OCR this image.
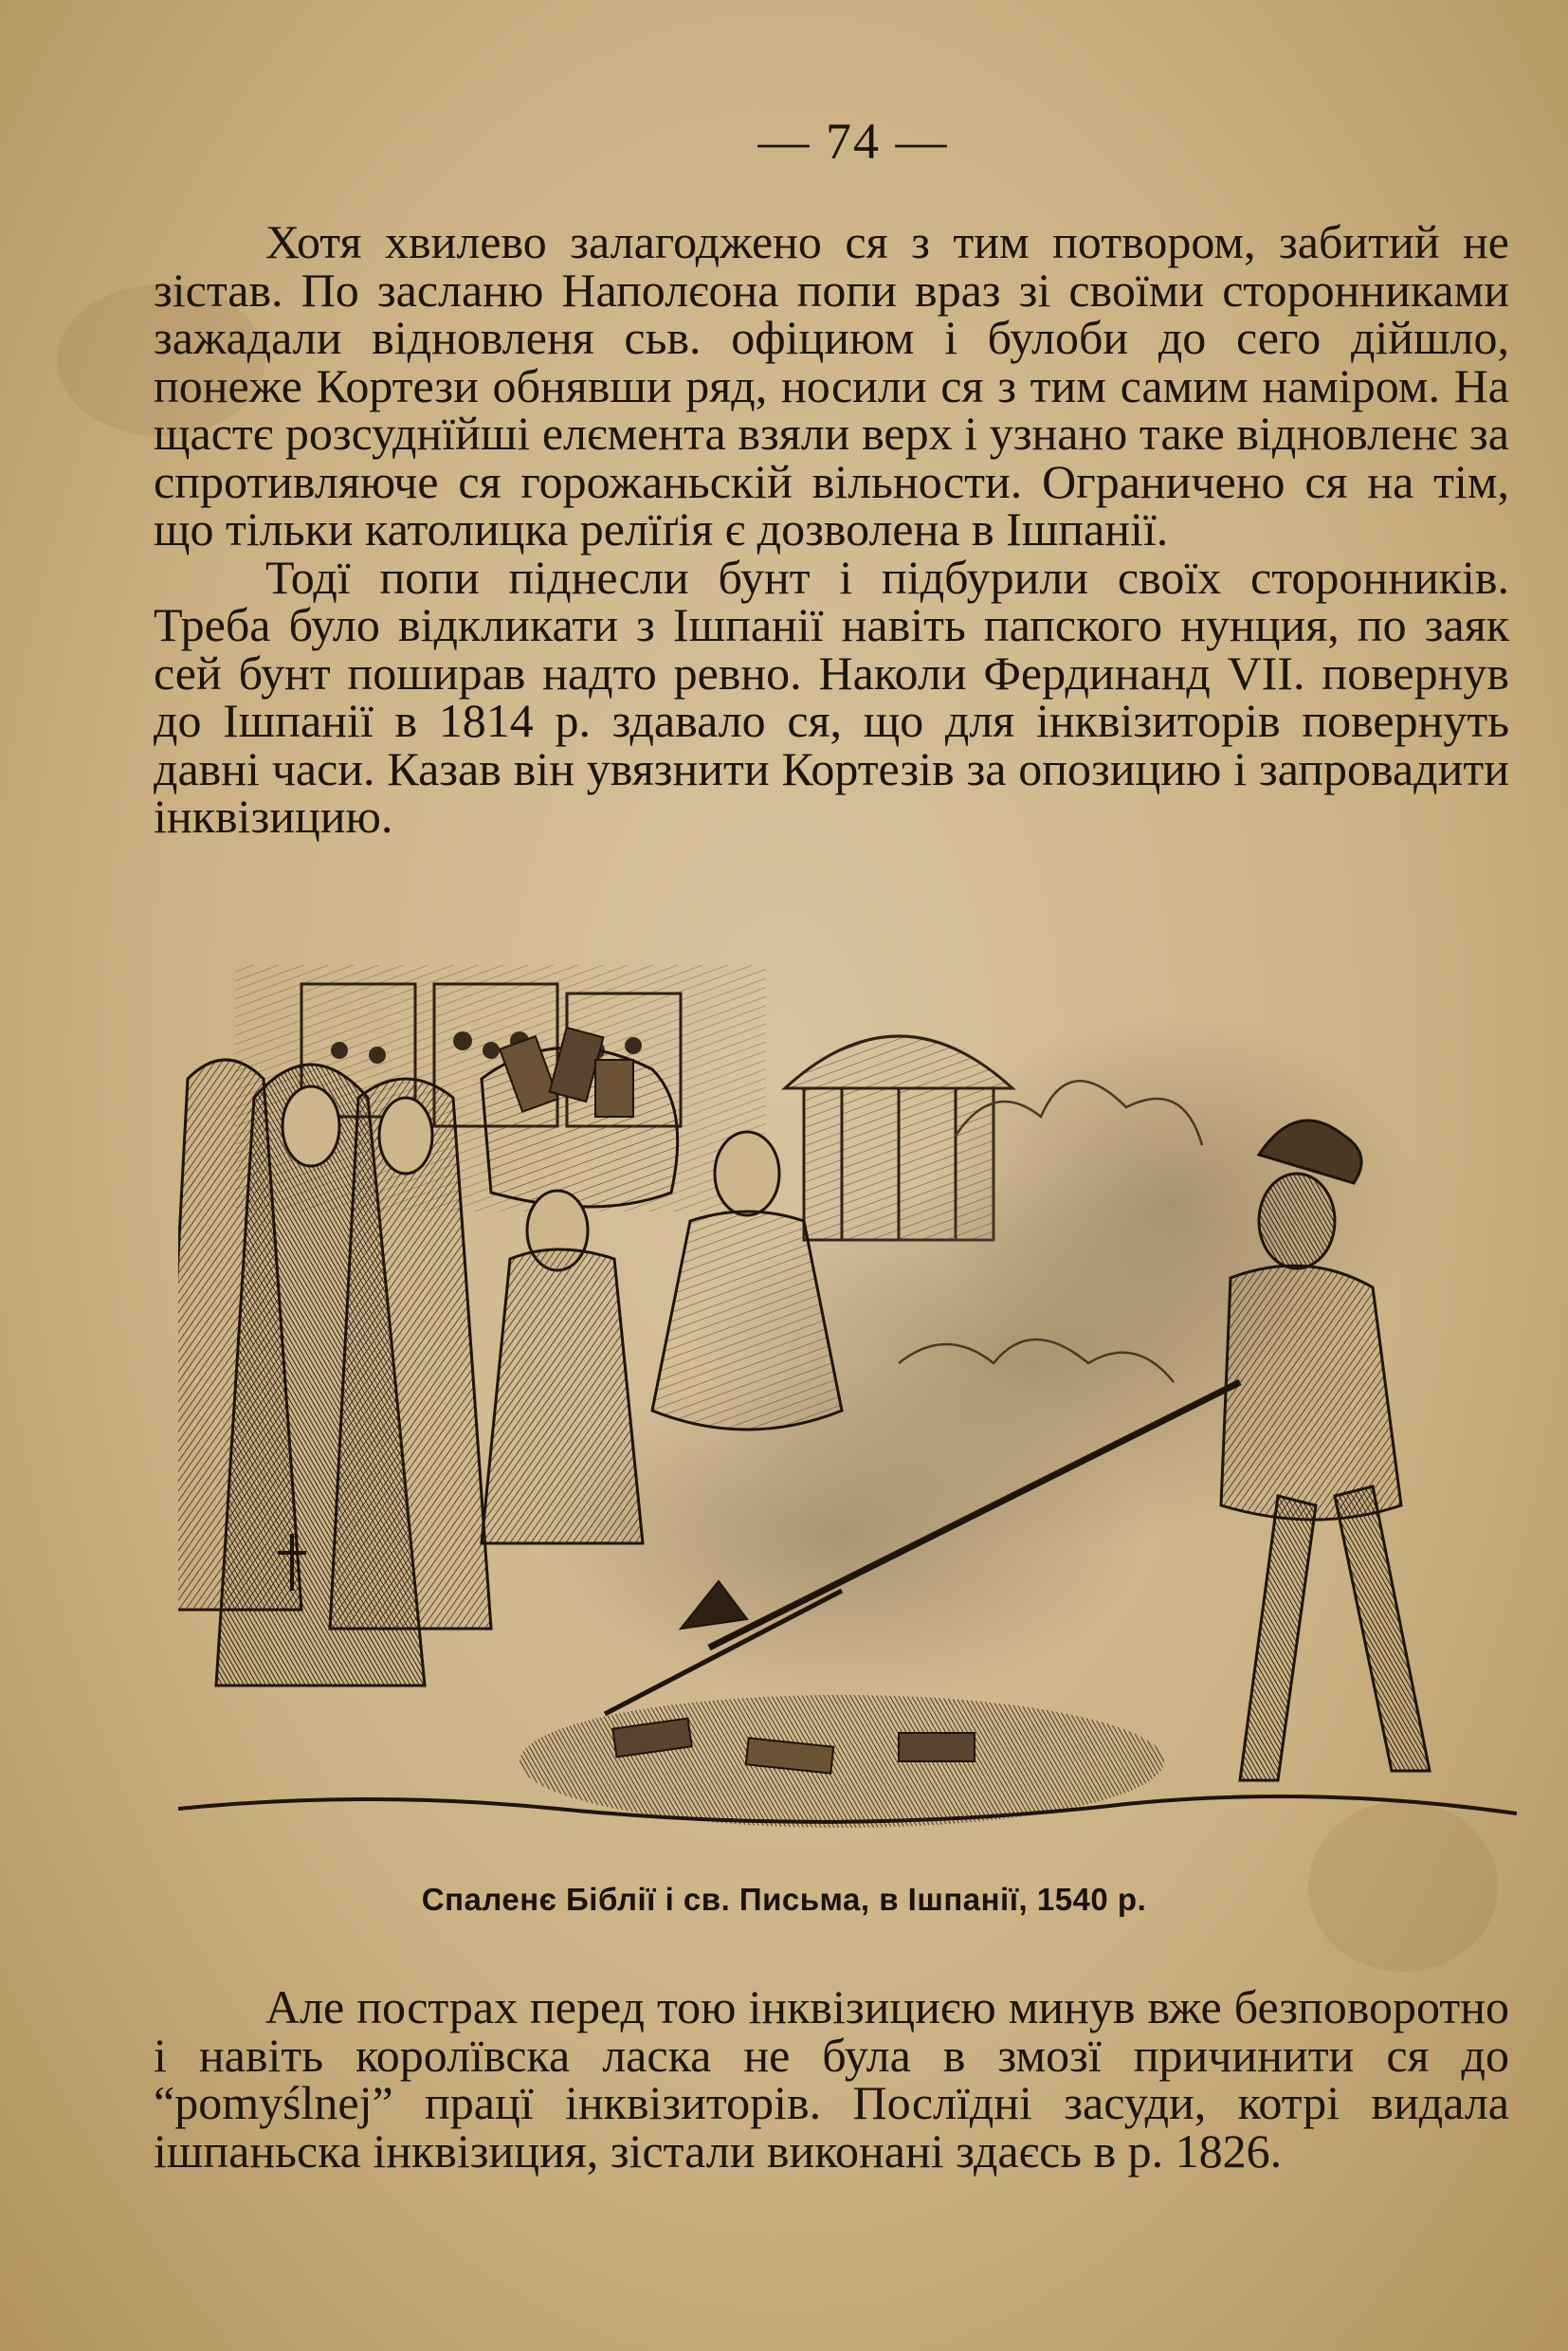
— 74 —

Хотя хвилево залагоджено ся з тим потвором, забитий не зістав. По засланю Наполєона попи враз зі своїми сторонниками зажадали відновленя сьв. офіциюм і булоби до сего дійшло, понеже Кортези обнявши ряд, носили ся з тим самим наміром. На щастє розсуднїйші елємента взяли верх і узнано таке відновленє за спротивляюче ся горожаньскій вільности. Ограничено ся на тім, що тільки католицка релїґія є дозволена в Ішпанії.

Тодї попи піднесли бунт і підбурили своїх сторонників. Треба було відкликати з Ішпанії навіть папского нунция, по заяк сей бунт поширав надто ревно. Наколи Фердинанд VII. повернув до Ішпанії в 1814 р. здавало ся, що для інквізиторів повернуть давні часи. Казав він увязнити Кортезів за опозицию і запровадити інквізицию.

Спаленє Біблії і св. Письма, в Ішпанії, 1540 р.

Але пострах перед тою інквізициєю минув вже безповоротно і навіть королївска ласка не була в змозї причинити ся до “pomyślnej” працї інквізиторів. Послїдні засуди, котрі видала ішпаньска інквізиция, зістали виконані здаєсь в р. 1826.
